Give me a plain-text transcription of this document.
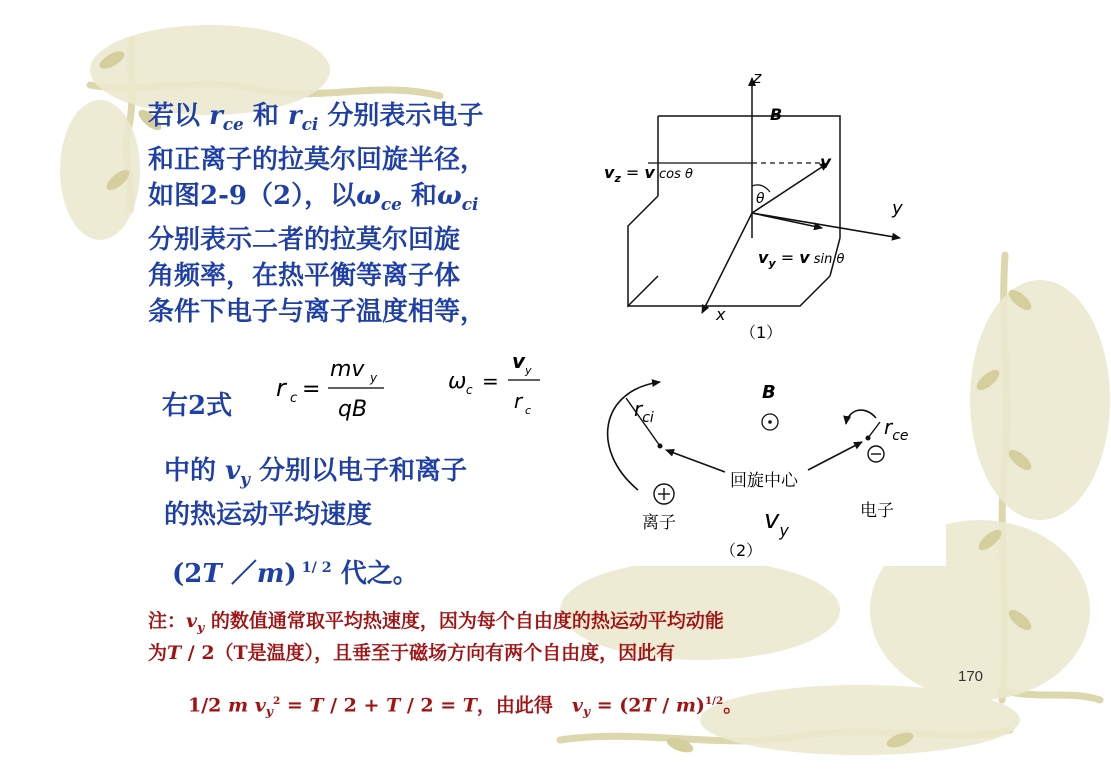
若以 $r_{ce}$ 和 $r_{ci}$ 分别表示电子
和正离子的拉莫尔回旋半径，
如图2-9（2），以$\omega_{ce}$ 和$\omega_{ci}$
分别表示二者的拉莫尔回旋
角频率，在热平衡等离子体
条件下电子与离子温度相等，
右2式
r c =
mv y
qB
ω c =
v y
r c
中的 $v_y$ 分别以电子和离子
的热运动平均速度
(2T ／m) $^{1/ 2}$ 代之。
z
y
x
B
$v_z = v$ cos θ
v
θ
$v_y = v$ sin θ
（1）
B
$r_{ci}$	$r_{ce}$
回旋中心
离子
电子
$v_y$
（2）
注：$v_y$ 的数值通常取平均热速度，因为每个自由度的热运动平均动能
为T / 2（T是温度），且垂至于磁场方向有两个自由度，因此有
1/2 m $v_y^2 = T / 2 + T / 2 = T$，由此得　$v_y = (2T / m)^{1/2}$。
170
